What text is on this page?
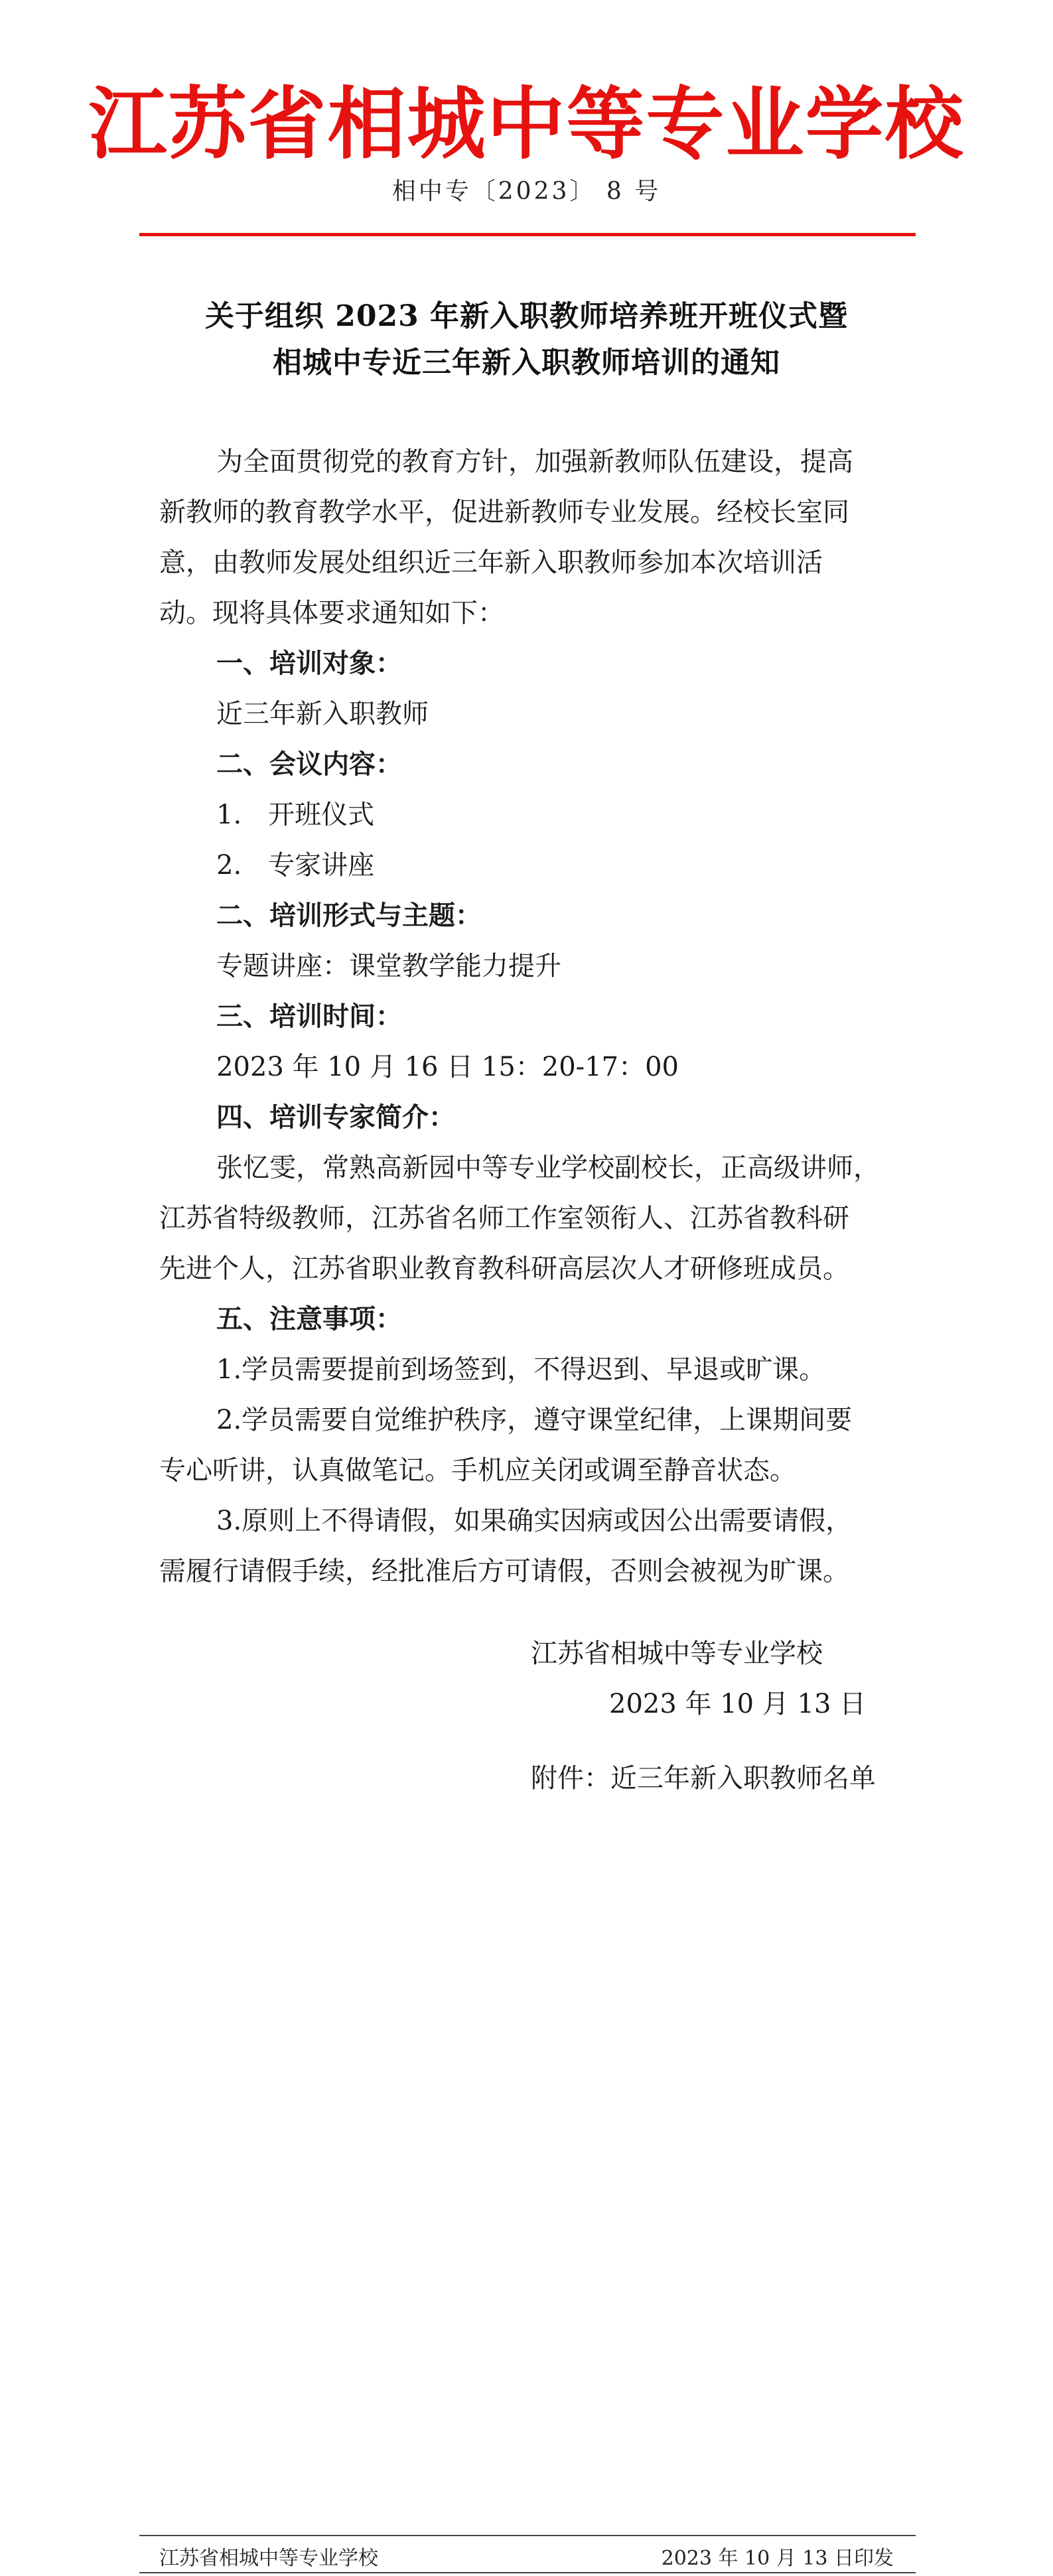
江苏省相城中等专业学校
相中专〔2023〕 8 号
关于组织 2023 年新入职教师培养班开班仪式暨
相城中专近三年新入职教师培训的通知
为全面贯彻党的教育方针，加强新教师队伍建设，提高
新教师的教育教学水平，促进新教师专业发展。经校长室同
意，由教师发展处组织近三年新入职教师参加本次培训活
动。现将具体要求通知如下：
一、培训对象：
近三年新入职教师
二、会议内容：
1.　开班仪式
2.　专家讲座
二、培训形式与主题：
专题讲座：课堂教学能力提升
三、培训时间：
2023 年 10 月 16 日 15：20-17：00
四、培训专家简介：
张忆雯，常熟高新园中等专业学校副校长，正高级讲师，
江苏省特级教师，江苏省名师工作室领衔人、江苏省教科研
先进个人，江苏省职业教育教科研高层次人才研修班成员。
五、注意事项：
1.学员需要提前到场签到，不得迟到、早退或旷课。
2.学员需要自觉维护秩序，遵守课堂纪律，上课期间要
专心听讲，认真做笔记。手机应关闭或调至静音状态。
3.原则上不得请假，如果确实因病或因公出需要请假，
需履行请假手续，经批准后方可请假，否则会被视为旷课。
江苏省相城中等专业学校
2023 年 10 月 13 日
附件：近三年新入职教师名单
江苏省相城中等专业学校	2023 年 10 月 13 日印发
